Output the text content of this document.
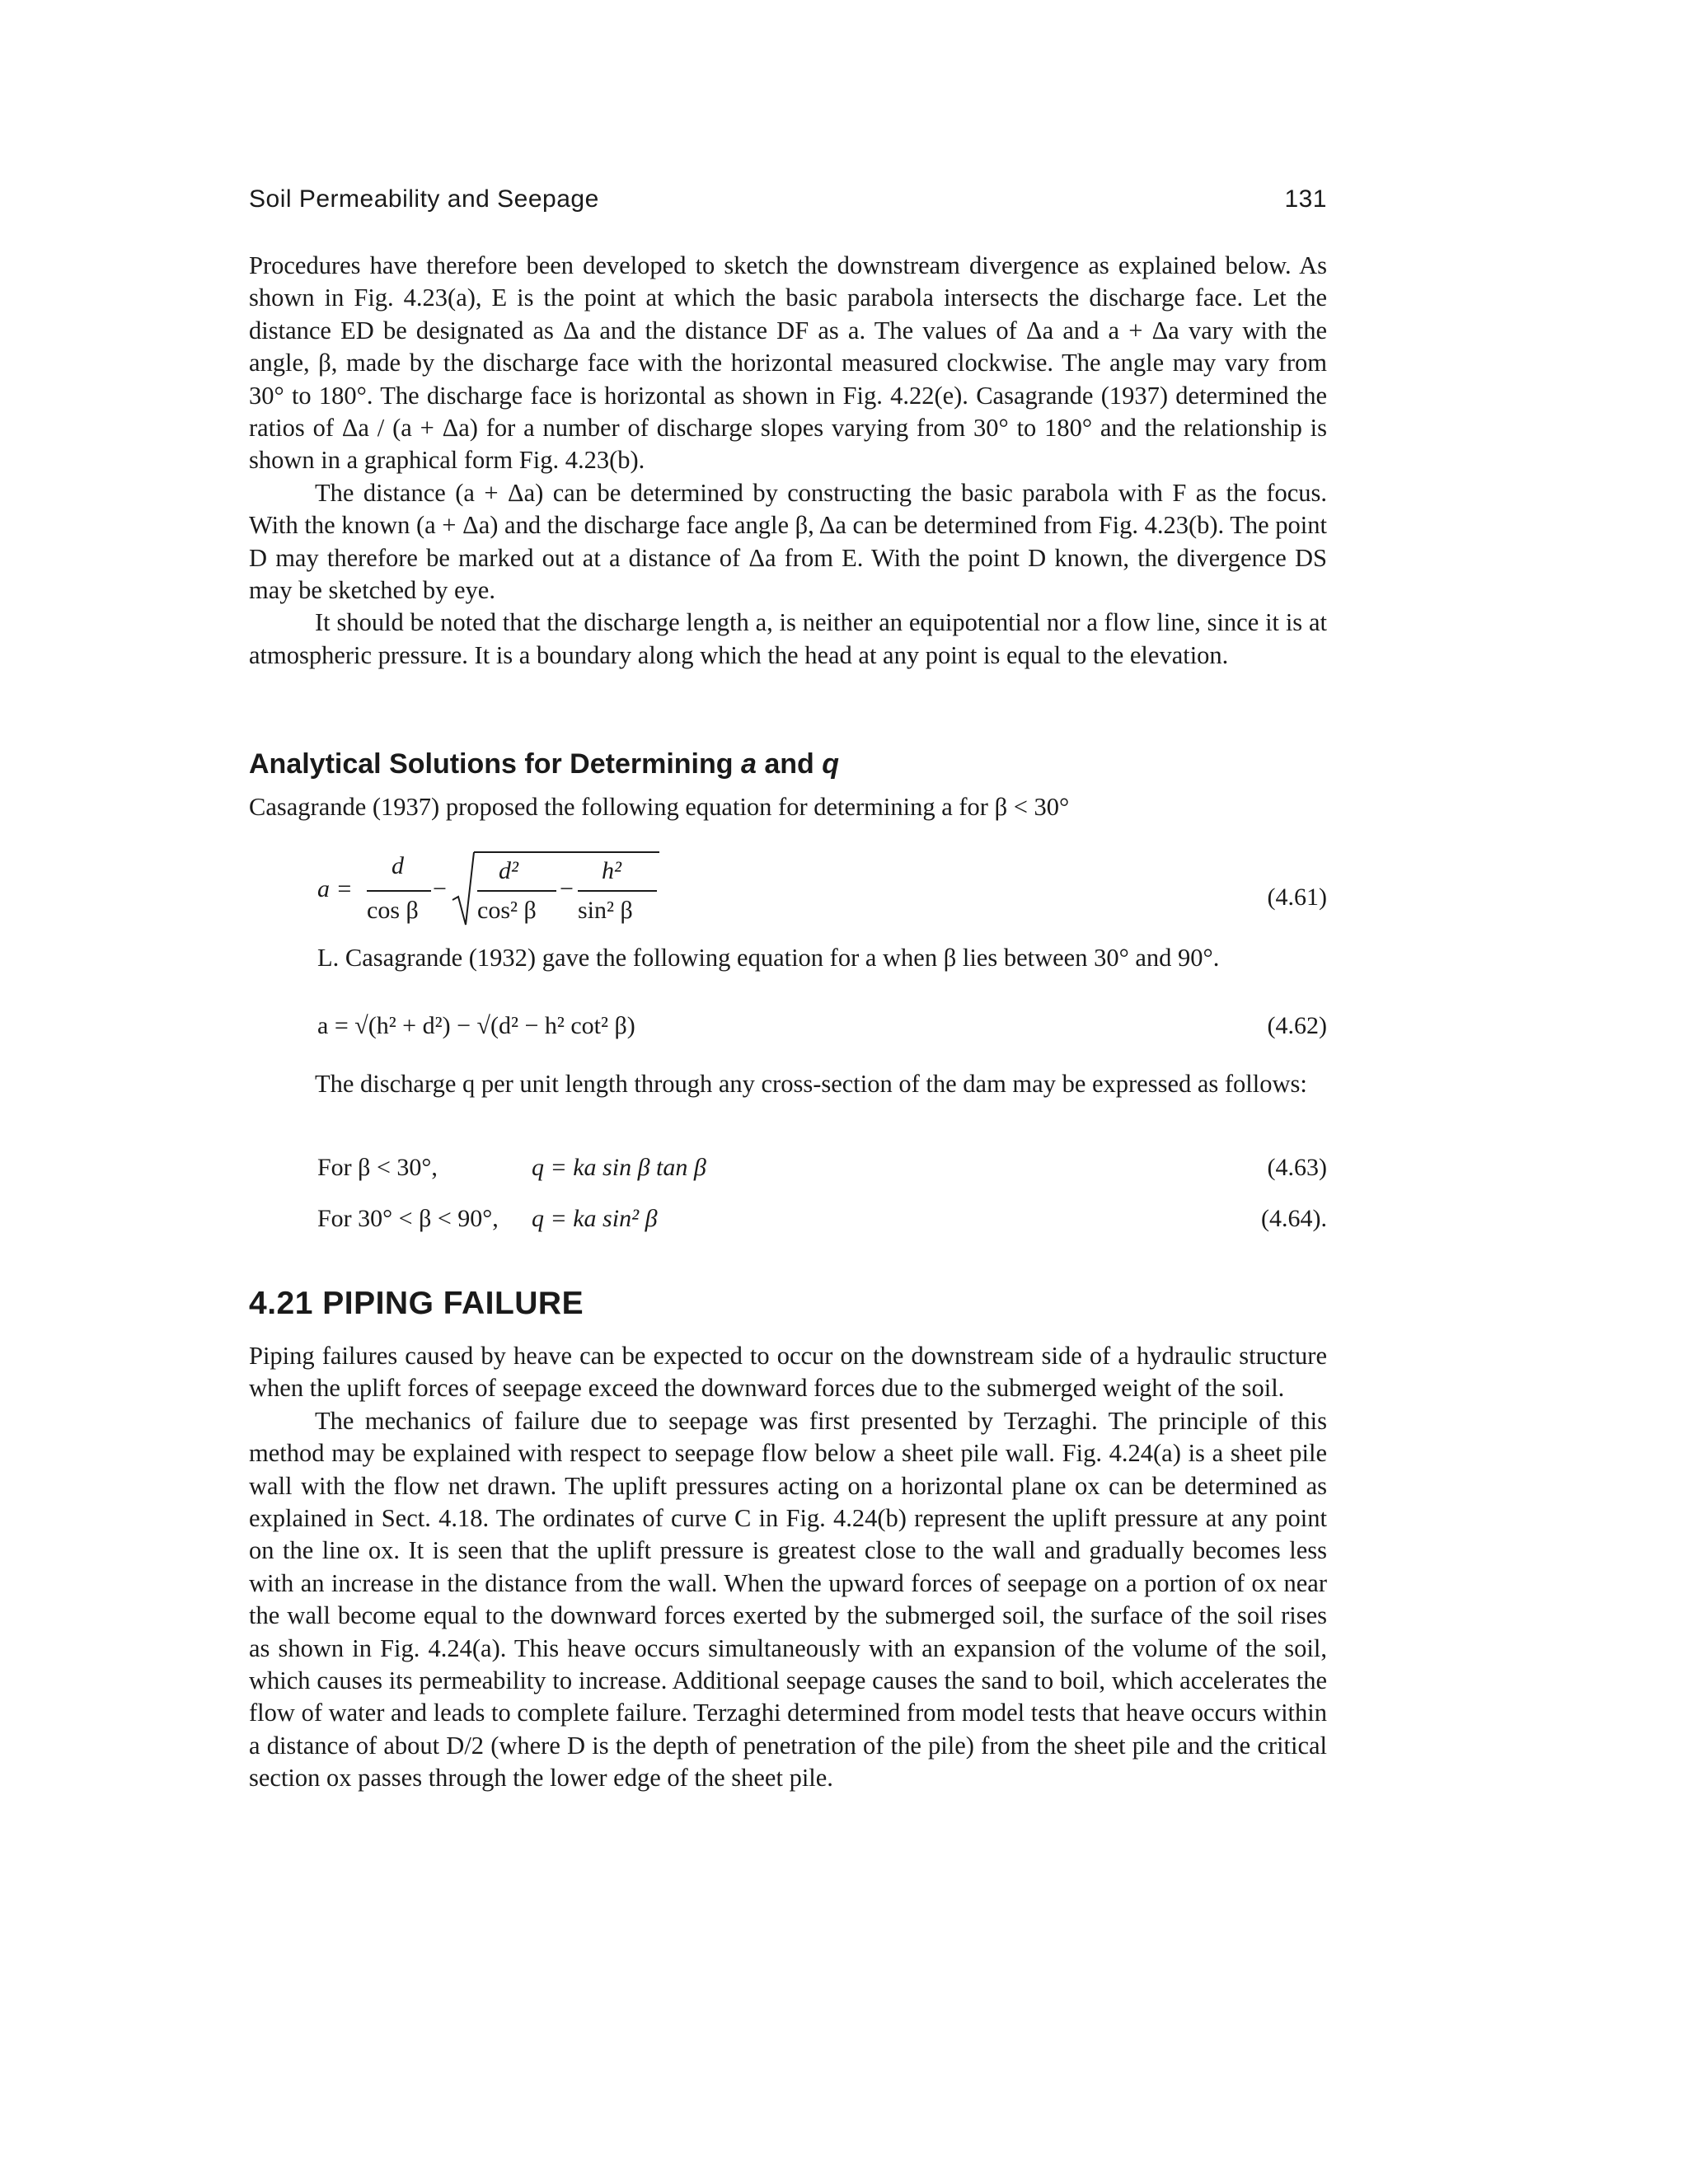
Soil Permeability and Seepage	131

Procedures have therefore been developed to sketch the downstream divergence as explained below. As shown in Fig. 4.23(a), E is the point at which the basic parabola intersects the discharge face. Let the distance ED be designated as Δa and the distance DF as a. The values of Δa and a + Δa vary with the angle, β, made by the discharge face with the horizontal measured clockwise. The angle may vary from 30° to 180°. The discharge face is horizontal as shown in Fig. 4.22(e). Casagrande (1937) determined the ratios of Δa / (a + Δa) for a number of discharge slopes varying from 30° to 180° and the relationship is shown in a graphical form Fig. 4.23(b).

The distance (a + Δa) can be determined by constructing the basic parabola with F as the focus. With the known (a + Δa) and the discharge face angle β, Δa can be determined from Fig. 4.23(b). The point D may therefore be marked out at a distance of Δa from E. With the point D known, the divergence DS may be sketched by eye.

It should be noted that the discharge length a, is neither an equipotential nor a flow line, since it is at atmospheric pressure. It is a boundary along which the head at any point is equal to the elevation.

Analytical Solutions for Determining a and q
Casagrande (1937) proposed the following equation for determining a for β < 30°
a =
d
cos β
−
d²
cos² β
−
h²
sin² β	(4.61)
L. Casagrande (1932) gave the following equation for a when β lies between 30° and 90°.
a = √(h² + d²) − √(d² − h² cot² β)	(4.62)

The discharge q per unit length through any cross-section of the dam may be expressed as follows:

For β < 30°,	q = ka sin β tan β	(4.63)
For 30° < β < 90°, q = ka sin² β	(4.64).
4.21 PIPING FAILURE

Piping failures caused by heave can be expected to occur on the downstream side of a hydraulic structure when the uplift forces of seepage exceed the downward forces due to the submerged weight of the soil.

The mechanics of failure due to seepage was first presented by Terzaghi. The principle of this method may be explained with respect to seepage flow below a sheet pile wall. Fig. 4.24(a) is a sheet pile wall with the flow net drawn. The uplift pressures acting on a horizontal plane ox can be determined as explained in Sect. 4.18. The ordinates of curve C in Fig. 4.24(b) represent the uplift pressure at any point on the line ox. It is seen that the uplift pressure is greatest close to the wall and gradually becomes less with an increase in the distance from the wall. When the upward forces of seepage on a portion of ox near the wall become equal to the downward forces exerted by the submerged soil, the surface of the soil rises as shown in Fig. 4.24(a). This heave occurs simultaneously with an expansion of the volume of the soil, which causes its permeability to increase. Additional seepage causes the sand to boil, which accelerates the flow of water and leads to complete failure. Terzaghi determined from model tests that heave occurs within a distance of about D/2 (where D is the depth of penetration of the pile) from the sheet pile and the critical section ox passes through the lower edge of the sheet pile.
